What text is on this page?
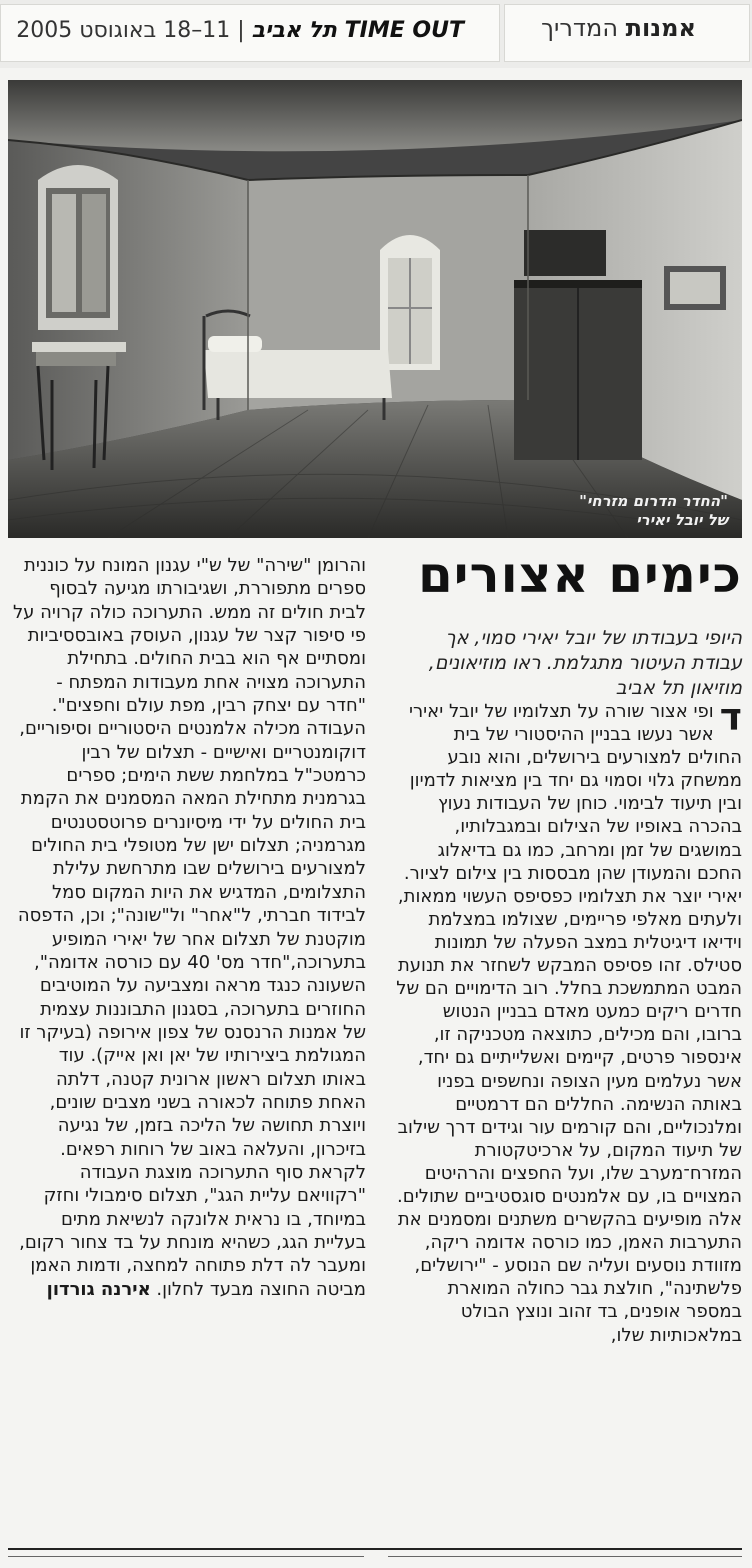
אמנות המדריך
TIME OUT תל אביב | 11–18 באוגוסט 2005
"החדר הדרום מזרחי"
של יובל יאירי
כימים אצורים
היופי בעבודתו של יובל יאירי סמוי, אך עבודת העיטור מתגלמת. ראו מוזיאונים, מוזיאון תל אביב
ד
ופי אצור שורה על תצלומיו של יובל יאירי אשר נעשו בבניין ההיסטורי של בית החולים למצורעים בירושלים, והוא נובע ממשחק גלוי וסמוי גם יחד בין מציאות לדמיון ובין תיעוד לבימוי. כוחן של העבודות נעוץ בהכרה באופיו של הצילום ובמגבלותיו, במושגים של זמן ומרחב, כמו גם בדיאלוג החכם והמעודן שהן מבססות בין צילום לציור. יאירי יוצר את תצלומיו כפסיפס העשוי ממאות, ולעתים מאלפי פריימים, שצולמו במצלמת וידיאו דיגיטלית במצב הפעלה של תמונות סטילס. זהו פסיפס המבקש לשחזר את תנועת המבט המתמשכת בחלל. רוב הדימויים הם של חדרים ריקים כמעט מאדם בבניין הנטוש ברובו, והם מכילים, כתוצאה מטכניקה זו, אינספור פרטים, קיימים ואשלייתיים גם יחד, אשר נעלמים מעין הצופה ונחשפים בפניו באותה הנשימה. החללים הם דרמטיים ומלנכוליים, והם קורמים עור וגידים דרך שילוב של תיעוד המקום, על ארכיטקטורת המזרח־מערב שלו, ועל החפצים והרהיטים המצויים בו, עם אלמנטים סוגסטיביים שתולים. אלה מופיעים בהקשרים משתנים ומסמנים את התערבות האמן, כמו כורסה אדומה ריקה, מזוודת נוסעים ועליה שם הנוסע - "ירושלים, פלשתינה", חולצת גבר כחולה המוארת במספר אופנים, בד זהוב ונוצץ הבולט במלאכותיות שלו,
והרומן "שירה" של ש"י עגנון המונח על כוננית ספרים מתפוררת, ושגיבורתו מגיעה לבסוף לבית חולים זה ממש. התערוכה כולה קרויה על פי סיפור קצר של עגנון, העוסק באובססיביות ומסתיים אף הוא בבית החולים. בתחילת התערוכה מצויה אחת מעבודות המפתח - "חדר עם יצחק רבין, מפת עולם וחפצים". העבודה מכילה אלמנטים היסטוריים וסיפוריים, דוקומנטריים ואישיים - תצלום של רבין כרמטכ"ל במלחמת ששת הימים; ספרים בגרמנית מתחילת המאה המסמנים את הקמת בית החולים על ידי מיסיונרים פרוטסטנטים מגרמניה; תצלום ישן של מטופלי בית החולים למצורעים בירושלים שבו מתרחשת עלילת התצלומים, המדגיש את היות המקום סמל לבידוד חברתי, ל"אחר" ול"שונה"; וכן, הדפסה מוקטנת של תצלום אחר של יאירי המופיע בתערוכה,"חדר מס' 40 עם כורסה אדומה", השעונה כנגד מראה ומצביעה על המוטיבים החוזרים בתערוכה, בסגנון התבוננות עצמית של אמנות הרנסנס של צפון אירופה (בעיקר זו המגולמת ביצירותיו של יאן ואן אייק). עוד באותו תצלום ראשון ארונית קטנה, דלתה האחת פתוחה לכאורה בשני מצבים שונים, ויוצרת תחושה של הליכה בזמן, של נגיעה בזיכרון, והעלאה באוב של רוחות רפאים. לקראת סוף התערוכה מוצגת העבודה "רקוויאם עליית הגג", תצלום סימבולי וחזק במיוחד, בו נראית אלונקה לנשיאת מתים בעליית הגג, כשהיא מונחת על בד צחור רקום, ומעבר לה דלת פתוחה למחצה, ודמות האמן מביטה החוצה מבעד לחלון. אירנה גורדון
